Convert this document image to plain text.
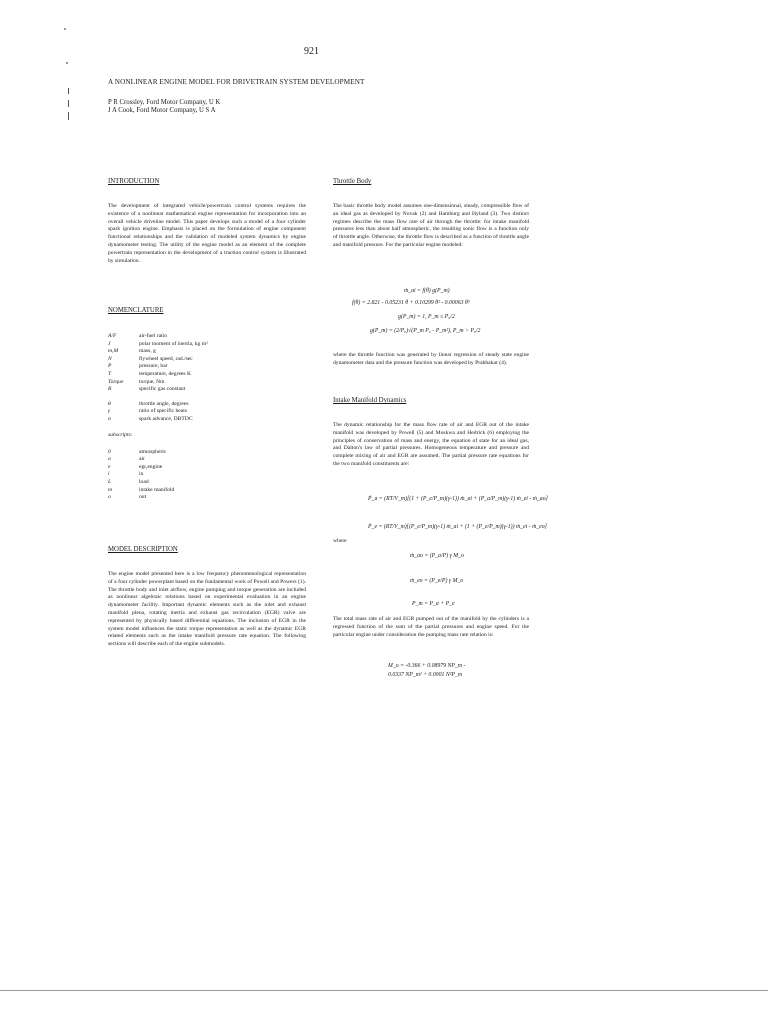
921
A NONLINEAR ENGINE MODEL FOR DRIVETRAIN SYSTEM DEVELOPMENT
P R Crossley, Ford Motor Company, U K
J A Cook, Ford Motor Company, U S A
INTRODUCTION

The development of integrated vehicle/powertrain control systems requires the existence of a nonlinear mathematical engine representation for incorporation into an overall vehicle driveline model. This paper develops such a model of a four cylinder spark ignition engine. Emphasis is placed on the formulation of engine component functional relationships and the validation of modeled system dynamics by engine dynamometer testing. The utility of the engine model as an element of the complete powertrain representation in the development of a traction control system is illustrated by simulation.

NOMENCLATURE
A/F	air-fuel ratio
J	polar moment of inertia, kg m²
m,M	mass, g
N	flywheel speed, rad./sec
P	pressure, bar
T	temperature, degrees K
Torque	torque, Nm
R	specific gas constant
θ	throttle angle, degrees
γ	ratio of specific heats
σ	spark advance, DBTDC
subscripts:
0	atmospheric
a	air
e	egr,engine
i	in
L	load
m	intake manifold
o	out
MODEL DESCRIPTION

The engine model presented here is a low frequency phenomenological representation of a four cylinder powerplant based on the fundamental work of Powell and Powers (1). The throttle body and inlet airflow, engine pumping and torque generation are included as nonlinear algebraic relations based on experimental evaluation in an engine dynamometer facility. Important dynamic elements such as the inlet and exhaust manifold plena, rotating inertia and exhaust gas recirculation (EGR) valve are represented by physically based differential equations. The inclusion of EGR in the system model influences the static torque representation as well as the dynamic EGR related elements such as the intake manifold pressure rate equation. The following sections will describe each of the engine submodels.

Throttle Body

The basic throttle body model assumes one-dimensional, steady, compressible flow of an ideal gas as developed by Novak (2) and Hamburg and Hyland (3). Two distinct regimes describe the mass flow rate of air through the throttle: for intake manifold pressures less than about half atmospheric, the resulting sonic flow is a function only of throttle angle. Otherwise, the throttle flow is described as a function of throttle angle and manifold pressure. For the particular engine modeled:

ṁ_ai = f(θ) g(P_m)
f(θ) = 2.821 - 0.05231 θ + 0.10299 θ² - 0.00063 θ³
g(P_m) = 1, P_m ≤ P₀/2
g(P_m) = (2/P₀)√(P_m P₀ - P_m²), P_m > P₀/2

where the throttle function was generated by linear regression of steady state engine dynamometer data and the pressure function was developed by Prabhakar (4).

Intake Manifold Dynamics

The dynamic relationship for the mass flow rate of air and EGR out of the intake manifold was developed by Powell (5) and Moskwa and Hedrick (6) employing the principles of conservation of mass and energy, the equation of state for an ideal gas, and Dalton's law of partial pressures. Homogeneous temperature and pressure and complete mixing of air and EGR are assumed. The partial pressure rate equations for the two manifold constituents are:

Ṗ_a = (RT/V_m)[(1 + (P_e/P_m)(γ-1)) ṁ_ai + (P_a/P_m)(γ-1) ṁ_ei - ṁ_ao]
Ṗ_e = (RT/V_m)[(P_e/P_m)(γ-1) ṁ_ai + (1 + (P_e/P_m)(γ-1)) ṁ_ei - ṁ_eo]
where
ṁ_ao = (P_a/P) γ M_o
ṁ_eo = (P_e/P) γ M_o
P_m = P_a + P_e

The total mass rate of air and EGR pumped out of the manifold by the cylinders is a regressed function of the sum of the partial pressures and engine speed. For the particular engine under consideration the pumping mass rate relation is:

M_o = -0.366 + 0.08979 NP_m -
0.0337 NP_m² + 0.0001 N²P_m
